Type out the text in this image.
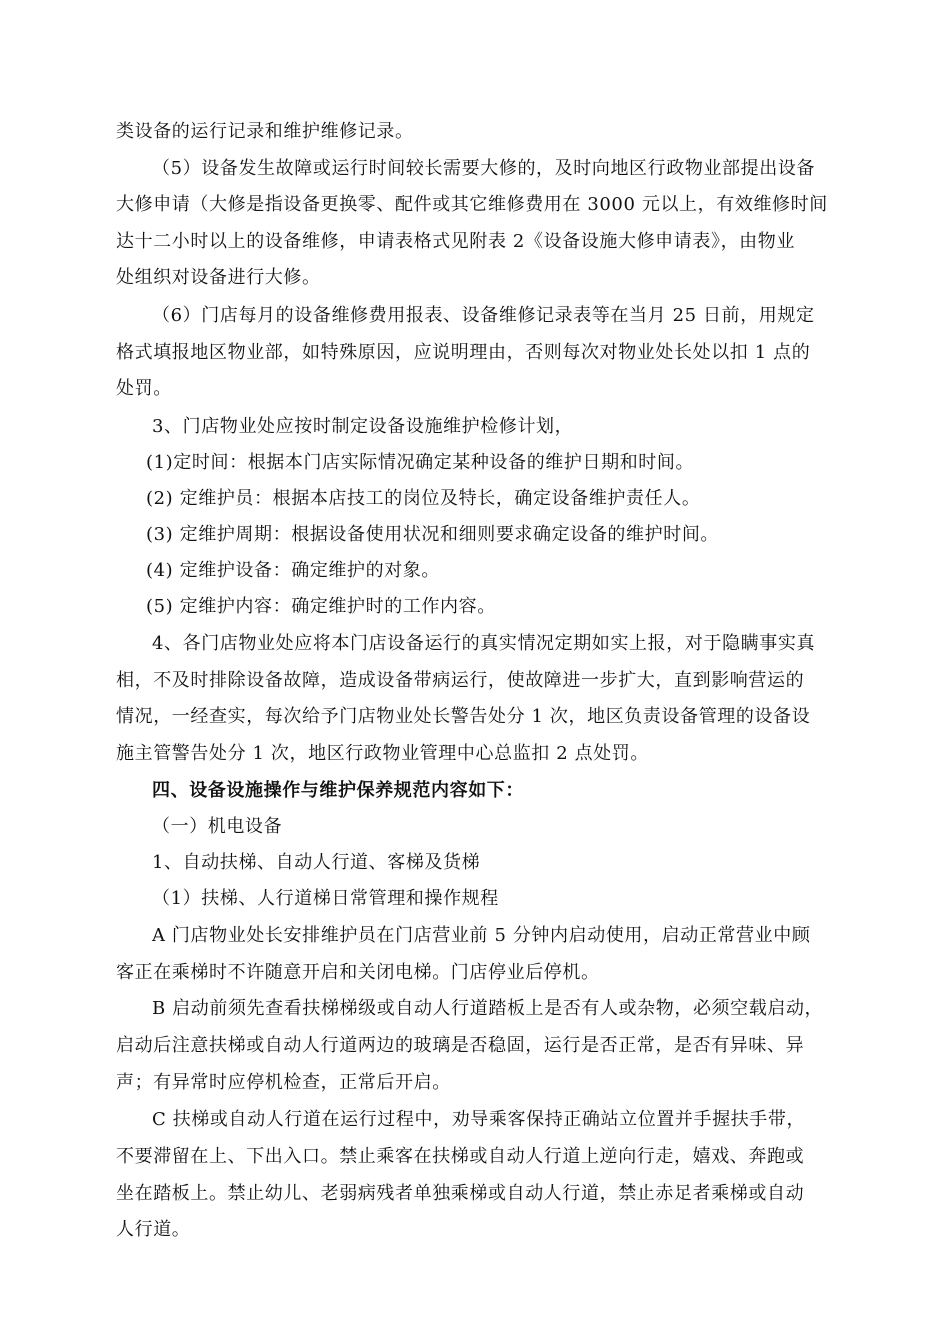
类设备的运行记录和维护维修记录。
（5）设备发生故障或运行时间较长需要大修的，及时向地区行政物业部提出设备
大修申请（大修是指设备更换零、配件或其它维修费用在 3000 元以上，有效维修时间
达十二小时以上的设备维修，申请表格式见附表 2《设备设施大修申请表》，由物业
处组织对设备进行大修。
（6）门店每月的设备维修费用报表、设备维修记录表等在当月 25 日前，用规定
格式填报地区物业部，如特殊原因，应说明理由，否则每次对物业处长处以扣 1 点的
处罚。
3、门店物业处应按时制定设备设施维护检修计划，
(1)定时间：根据本门店实际情况确定某种设备的维护日期和时间。
(2) 定维护员：根据本店技工的岗位及特长，确定设备维护责任人。
(3) 定维护周期：根据设备使用状况和细则要求确定设备的维护时间。
(4) 定维护设备：确定维护的对象。
(5) 定维护内容：确定维护时的工作内容。
4、各门店物业处应将本门店设备运行的真实情况定期如实上报，对于隐瞒事实真
相，不及时排除设备故障，造成设备带病运行，使故障进一步扩大，直到影响营运的
情况，一经查实，每次给予门店物业处长警告处分 1 次，地区负责设备管理的设备设
施主管警告处分 1 次，地区行政物业管理中心总监扣 2 点处罚。
四、设备设施操作与维护保养规范内容如下：
（一）机电设备
1、自动扶梯、自动人行道、客梯及货梯
（1）扶梯、人行道梯日常管理和操作规程
A 门店物业处长安排维护员在门店营业前 5 分钟内启动使用，启动正常营业中顾
客正在乘梯时不许随意开启和关闭电梯。门店停业后停机。
B 启动前须先查看扶梯梯级或自动人行道踏板上是否有人或杂物，必须空载启动，
启动后注意扶梯或自动人行道两边的玻璃是否稳固，运行是否正常，是否有异味、异
声；有异常时应停机检查，正常后开启。
C 扶梯或自动人行道在运行过程中，劝导乘客保持正确站立位置并手握扶手带，
不要滞留在上、下出入口。禁止乘客在扶梯或自动人行道上逆向行走，嬉戏、奔跑或
坐在踏板上。禁止幼儿、老弱病残者单独乘梯或自动人行道，禁止赤足者乘梯或自动
人行道。
